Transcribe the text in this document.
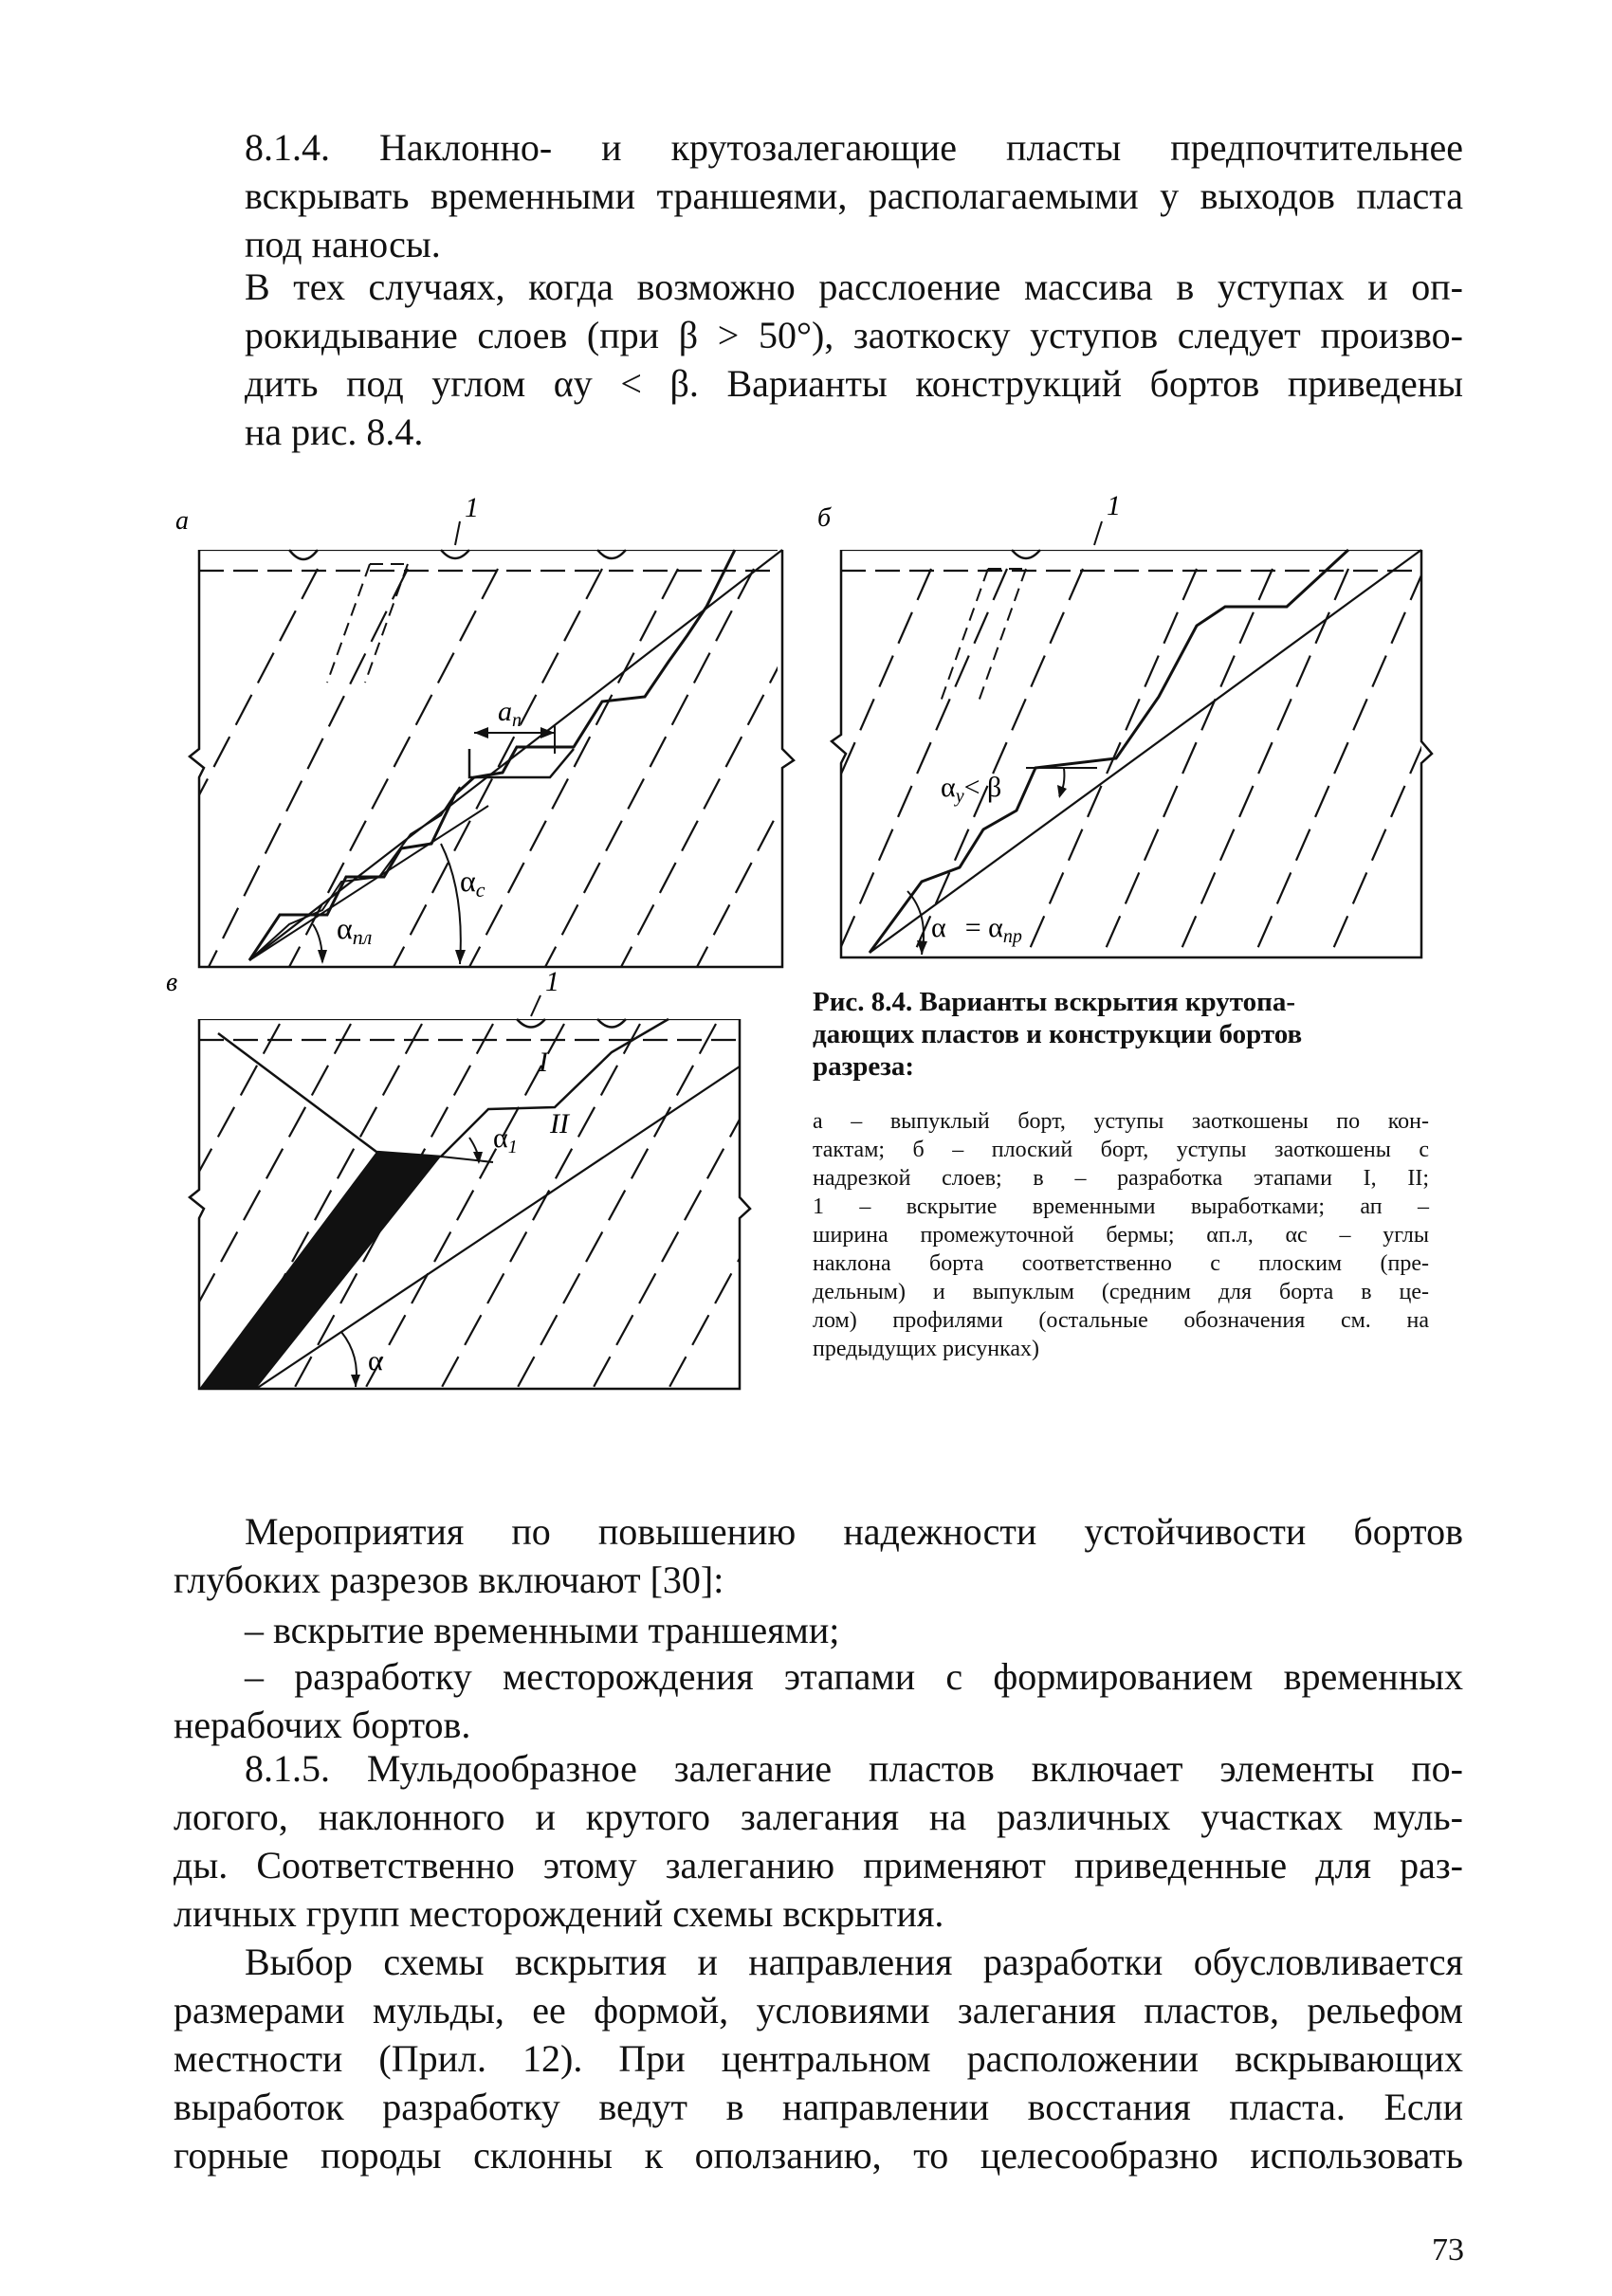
8.1.4. Наклонно- и крутозалегающие пласты предпочтительнее
вскрывать временными траншеями, располагаемыми у выходов пласта
под наносы.
В тех случаях, когда возможно расслоение массива в уступах и оп-
рокидывание слоев (при β > 50°), заоткоску уступов следует произво-
дить под углом αу < β. Варианты конструкций бортов приведены
на рис. 8.4.
а	1
$a_п$
αпл
αс
б	1
$\alpha_у< \beta$
$\alpha = \alpha_{пр}$
в	1
$\alpha_1$
I
II
α
Рис. 8.4. Варианты вскрытия крутопа-
дающих пластов и конструкции бортов
разреза:
а – выпуклый борт, уступы заоткошены по кон-
тактам; б – плоский борт, уступы заоткошены с
надрезкой слоев; в – разработка этапами I, II;
1 – вскрытие временными выработками; ап –
ширина промежуточной бермы; αп.л, αс – углы
наклона борта соответственно с плоским (пре-
дельным) и выпуклым (средним для борта в це-
лом) профилями (остальные обозначения см. на
предыдущих рисунках)
Мероприятия по повышению надежности устойчивости бортов
глубоких разрезов включают [30]:
– вскрытие временными траншеями;
– разработку месторождения этапами с формированием временных
нерабочих бортов.
8.1.5. Мульдообразное залегание пластов включает элементы по-
логого, наклонного и крутого залегания на различных участках муль-
ды. Соответственно этому залеганию применяют приведенные для раз-
личных групп месторождений схемы вскрытия.
Выбор схемы вскрытия и направления разработки обусловливается
размерами мульды, ее формой, условиями залегания пластов, рельефом
местности (Прил. 12). При центральном расположении вскрывающих
выработок разработку ведут в направлении восстания пласта. Если
горные породы склонны к оползанию, то целесообразно использовать
73
